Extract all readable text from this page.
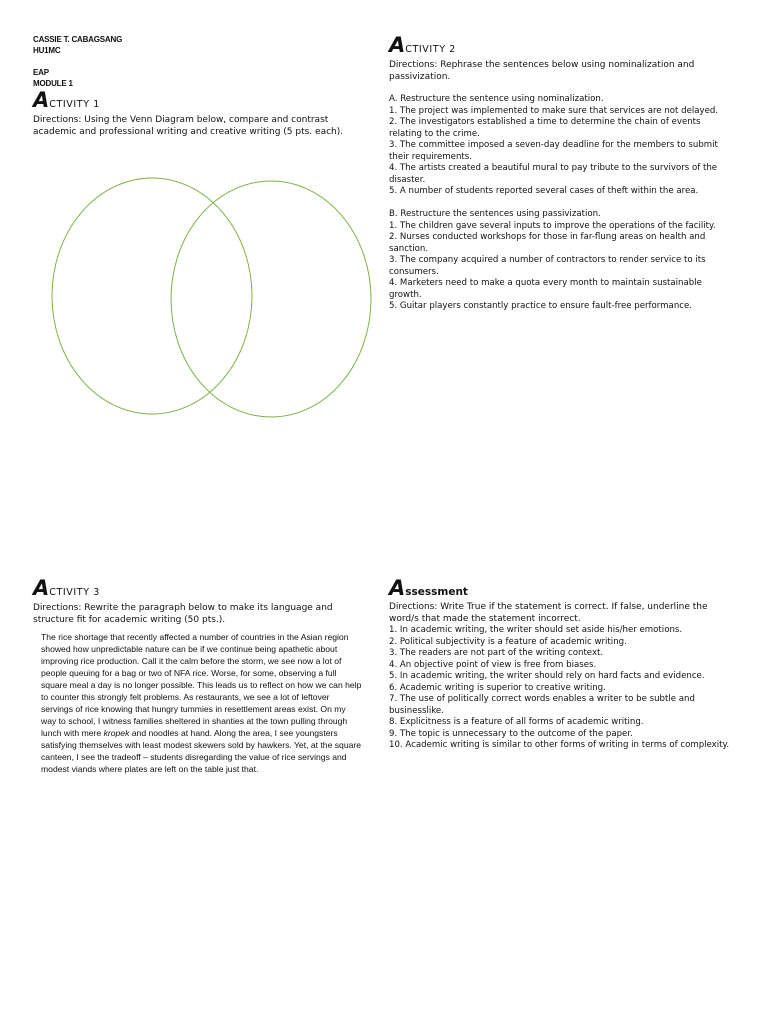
CASSIE T. CABAGSANG
HU1MC
EAP
MODULE 1
ACTIVITY 1
Directions: Using the Venn Diagram below, compare and contrast academic and professional writing and creative writing (5 pts. each).
ACTIVITY 2
Directions: Rephrase the sentences below using nominalization and passivization.
A. Restructure the sentence using nominalization.
1. The project was implemented to make sure that services are not delayed.
2. The investigators established a time to determine the chain of events relating to the crime.
3. The committee imposed a seven-day deadline for the members to submit their requirements.
4. The artists created a beautiful mural to pay tribute to the survivors of the disaster.
5. A number of students reported several cases of theft within the area.
B. Restructure the sentences using passivization.
1. The children gave several inputs to improve the operations of the facility.
2. Nurses conducted workshops for those in far-flung areas on health and sanction.
3. The company acquired a number of contractors to render service to its consumers.
4. Marketers need to make a quota every month to maintain sustainable growth.
5. Guitar players constantly practice to ensure fault-free performance.
ACTIVITY 3
Directions: Rewrite the paragraph below to make its language and structure fit for academic writing (50 pts.).
The rice shortage that recently affected a number of countries in the Asian region showed how unpredictable nature can be if we continue being apathetic about improving rice production. Call it the calm before the storm, we see now a lot of people queuing for a bag or two of NFA rice. Worse, for some, observing a full square meal a day is no longer possible. This leads us to reflect on how we can help to counter this strongly felt problems. As restaurants, we see a lot of leftover servings of rice knowing that hungry tummies in resettlement areas exist. On my way to school, I witness families sheltered in shanties at the town pulling through lunch with mere kropek and noodles at hand. Along the area, I see youngsters satisfying themselves with least modest skewers sold by hawkers. Yet, at the square canteen, I see the tradeoff – students disregarding the value of rice servings and modest viands where plates are left on the table just that.
Assessment
Directions: Write True if the statement is correct. If false, underline the word/s that made the statement incorrect.
1. In academic writing, the writer should set aside his/her emotions.
2. Political subjectivity is a feature of academic writing.
3. The readers are not part of the writing context.
4. An objective point of view is free from biases.
5. In academic writing, the writer should rely on hard facts and evidence.
6. Academic writing is superior to creative writing.
7. The use of politically correct words enables a writer to be subtle and businesslike.
8. Explicitness is a feature of all forms of academic writing.
9. The topic is unnecessary to the outcome of the paper.
10. Academic writing is similar to other forms of writing in terms of complexity.
